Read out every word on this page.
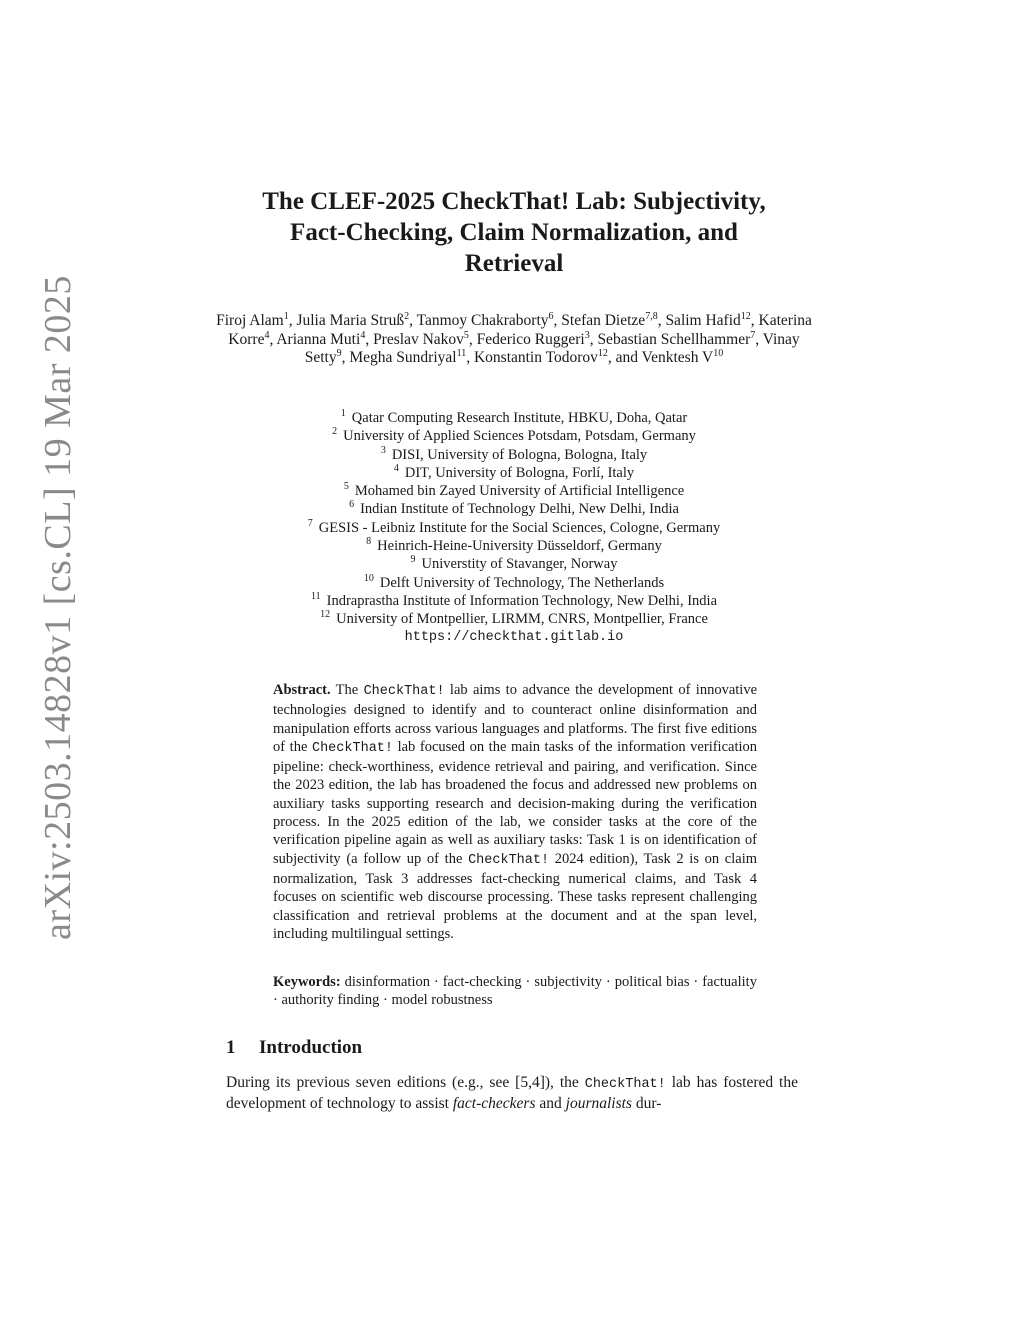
arXiv:2503.14828v1 [cs.CL] 19 Mar 2025
The CLEF-2025 CheckThat! Lab: Subjectivity,
Fact-Checking, Claim Normalization, and
Retrieval
Firoj Alam$^1$, Julia Maria Struß$^2$, Tanmoy Chakraborty$^6$, Stefan Dietze$^{7,8}$, Salim Hafid$^{12}$, Katerina Korre$^4$, Arianna Muti$^4$, Preslav Nakov$^5$, Federico Ruggeri$^3$, Sebastian Schellhammer$^7$, Vinay Setty$^9$, Megha Sundriyal$^{11}$, Konstantin Todorov$^{12}$, and Venktesh $V^{10}$
$^1$ Qatar Computing Research Institute, HBKU, Doha, Qatar
$^2$ University of Applied Sciences Potsdam, Potsdam, Germany
$^3$ DISI, University of Bologna, Bologna, Italy
$^4$ DIT, University of Bologna, Forlí, Italy
$^5$ Mohamed bin Zayed University of Artificial Intelligence
$^6$ Indian Institute of Technology Delhi, New Delhi, India
$^7$ GESIS - Leibniz Institute for the Social Sciences, Cologne, Germany
$^8$ Heinrich-Heine-University Düsseldorf, Germany
$^9$ Universtity of Stavanger, Norway
$^{10}$ Delft University of Technology, The Netherlands
$^{11}$ Indraprastha Institute of Information Technology, New Delhi, India
$^{12}$ University of Montpellier, LIRMM, CNRS, Montpellier, France
https://checkthat.gitlab.io

Abstract. The CheckThat! lab aims to advance the development of innovative technologies designed to identify and to counteract online disinformation and manipulation efforts across various languages and platforms. The first five editions of the CheckThat! lab focused on the main tasks of the information verification pipeline: check-worthiness, evidence retrieval and pairing, and verification. Since the 2023 edition, the lab has broadened the focus and addressed new problems on auxiliary tasks supporting research and decision-making during the verification process. In the 2025 edition of the lab, we consider tasks at the core of the verification pipeline again as well as auxiliary tasks: Task 1 is on identification of subjectivity (a follow up of the CheckThat! 2024 edition), Task 2 is on claim normalization, Task 3 addresses fact-checking numerical claims, and Task 4 focuses on scientific web discourse processing. These tasks represent challenging classification and retrieval problems at the document and at the span level, including multilingual settings.

Keywords: disinformation · fact-checking · subjectivity · political bias · factuality · authority finding · model robustness

1 Introduction

During its previous seven editions (e.g., see [5,4]), the CheckThat! lab has fostered the development of technology to assist fact-checkers and journalists dur-
